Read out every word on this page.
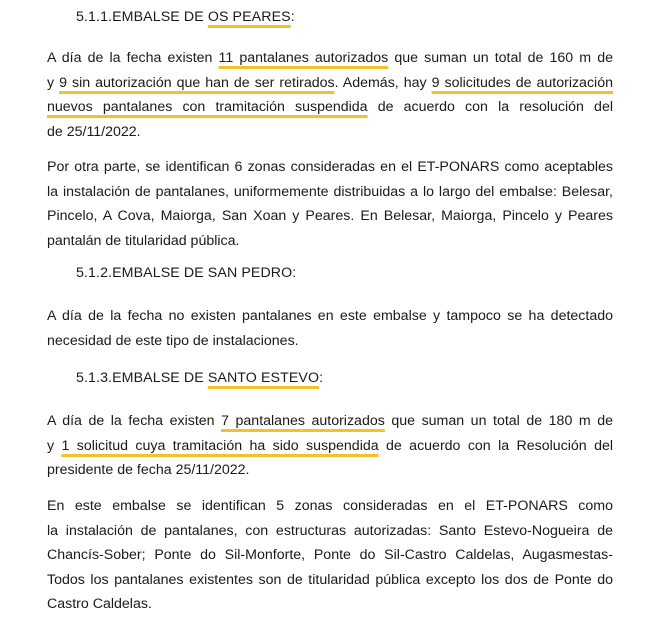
5.1.1.EMBALSE DE OS PEARES:
A día de la fecha existen 11 pantalanes autorizados que suman un total de 160 m de
y 9 sin autorización que han de ser retirados. Además, hay 9 solicitudes de autorización
nuevos pantalanes con tramitación suspendida de acuerdo con la resolución del
de 25/11/2022.
Por otra parte, se identifican 6 zonas consideradas en el ET-PONARS como aceptables
la instalación de pantalanes, uniformemente distribuidas a lo largo del embalse: Belesar,
Pincelo, A Cova, Maiorga, San Xoan y Peares. En Belesar, Maiorga, Pincelo y Peares
pantalán de titularidad pública.
5.1.2.EMBALSE DE SAN PEDRO:
A día de la fecha no existen pantalanes en este embalse y tampoco se ha detectado
necesidad de este tipo de instalaciones.
5.1.3.EMBALSE DE SANTO ESTEVO:
A día de la fecha existen 7 pantalanes autorizados que suman un total de 180 m de
y 1 solicitud cuya tramitación ha sido suspendida de acuerdo con la Resolución del
presidente de fecha 25/11/2022.
En este embalse se identifican 5 zonas consideradas en el ET-PONARS como
la instalación de pantalanes, con estructuras autorizadas: Santo Estevo-Nogueira de
Chancís-Sober; Ponte do Sil-Monforte, Ponte do Sil-Castro Caldelas, Augasmestas-
Todos los pantalanes existentes son de titularidad pública excepto los dos de Ponte do
Castro Caldelas.
